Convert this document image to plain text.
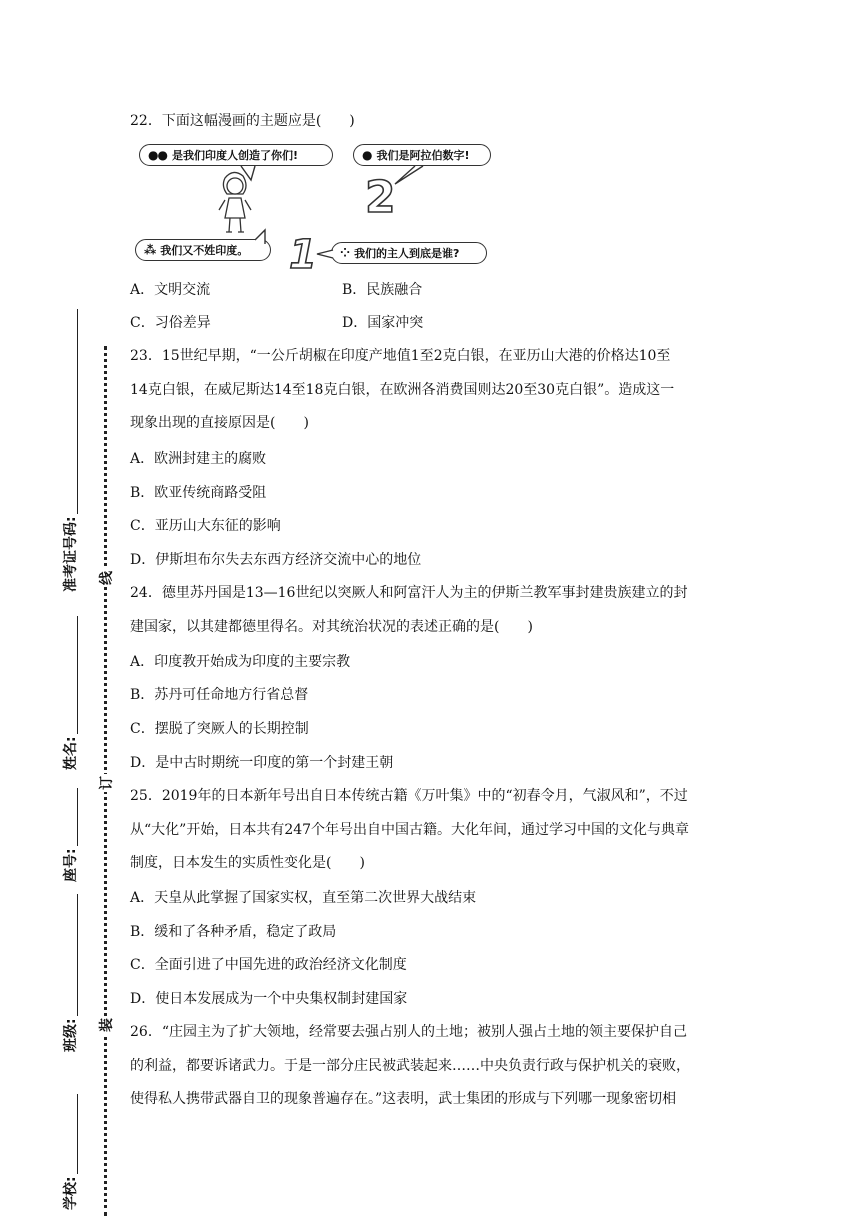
线
订
装
准考证号码:
姓名:
座号:
班级:
学校:
22．下面这幅漫画的主题应是(　　)
●● 是我们印度人创造了你们!	● 我们是阿拉伯数字!
⁂ 我们又不姓印度。	⁘ 我们的主人到底是谁?
2
1
A．文明交流	B．民族融合
C．习俗差异	D．国家冲突
23．15世纪早期，“一公斤胡椒在印度产地值1至2克白银，在亚历山大港的价格达10至
14克白银，在威尼斯达14至18克白银，在欧洲各消费国则达20至30克白银”。造成这一
现象出现的直接原因是(　　)
A．欧洲封建主的腐败
B．欧亚传统商路受阻
C．亚历山大东征的影响
D．伊斯坦布尔失去东西方经济交流中心的地位
24．德里苏丹国是13—16世纪以突厥人和阿富汗人为主的伊斯兰教军事封建贵族建立的封
建国家，以其建都德里得名。对其统治状况的表述正确的是(　　)
A．印度教开始成为印度的主要宗教
B．苏丹可任命地方行省总督
C．摆脱了突厥人的长期控制
D．是中古时期统一印度的第一个封建王朝
25．2019年的日本新年号出自日本传统古籍《万叶集》中的“初春令月，气淑风和”，不过
从“大化”开始，日本共有247个年号出自中国古籍。大化年间，通过学习中国的文化与典章
制度，日本发生的实质性变化是(　　)
A．天皇从此掌握了国家实权，直至第二次世界大战结束
B．缓和了各种矛盾，稳定了政局
C．全面引进了中国先进的政治经济文化制度
D．使日本发展成为一个中央集权制封建国家
26．“庄园主为了扩大领地，经常要去强占别人的土地；被别人强占土地的领主要保护自己
的利益，都要诉诸武力。于是一部分庄民被武装起来……中央负责行政与保护机关的衰败，
使得私人携带武器自卫的现象普遍存在。”这表明，武士集团的形成与下列哪一现象密切相
